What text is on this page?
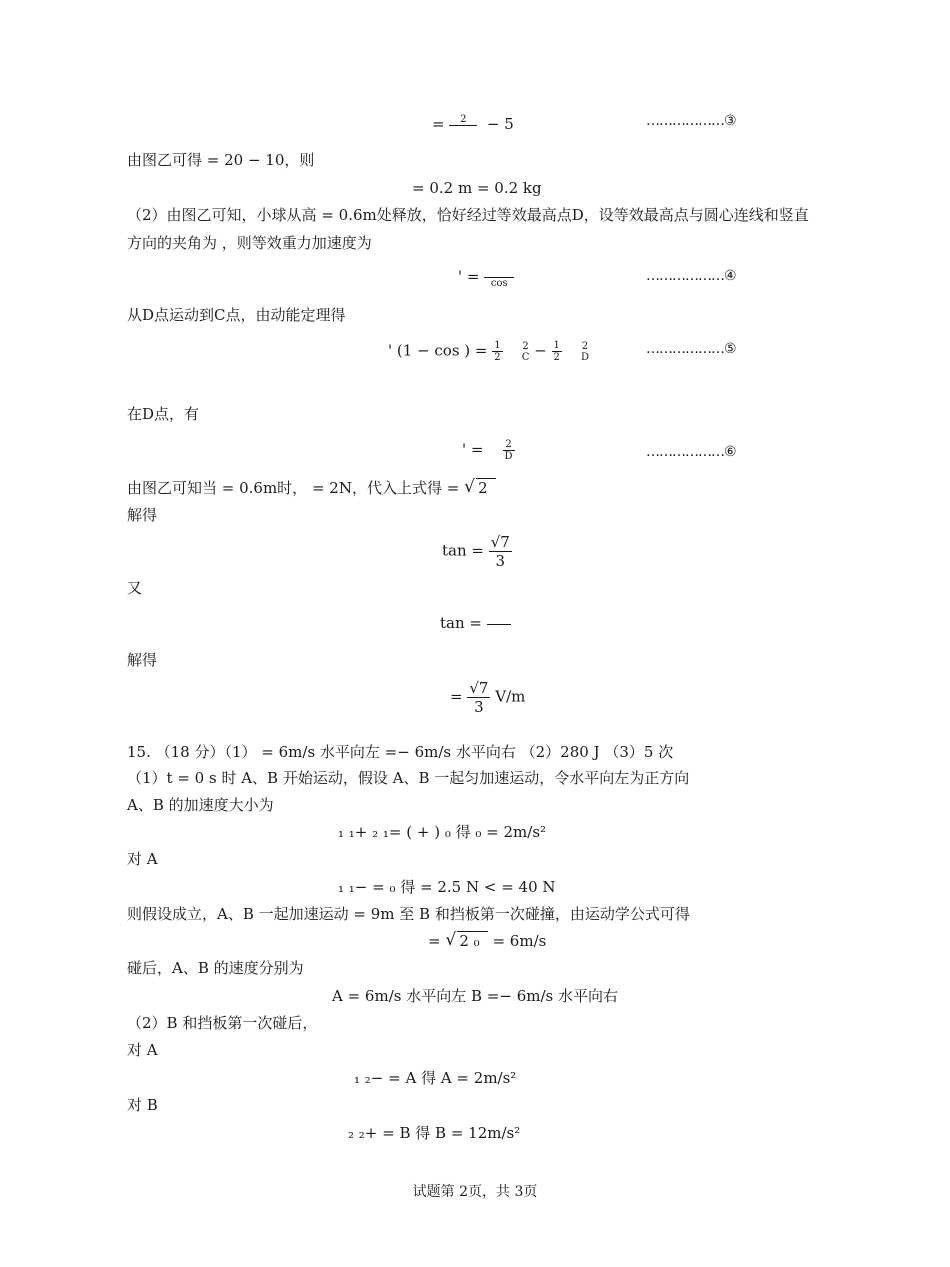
=	2	− 5	………………③
由图乙可得 = 20 − 10，则
= 0.2 m = 0.2 kg
（2）由图乙可知，小球从高 = 0.6m处释放，恰好经过等效最高点D，设等效最高点与圆心连线和竖直
方向的夹角为 ，则等效重力加速度为
' =
	cos	………………④
从D点运动到C点，由动能定理得
' (1 − cos ) = $\frac{1}{2} 2$
$C - \frac{1}{2} 2$
D	………………⑤
在D点，有
' = $\frac{2}{D}$	………………⑥
由图乙可知当 = 0.6m时， = 2N，代入上式得 = √ 2
解得
$\tan = \frac{√7}{3}$
又
tan =
解得
= $\frac{√7}{3} V/m$
15. （18 分）（1） = 6m/s 水平向左 =− 6m/s 水平向右 （2）280 J （3）5 次
（1）t = 0 s 时 A、B 开始运动，假设 A、B 一起匀加速运动，令水平向左为正方向
A、B 的加速度大小为
₁ ₁+ ₂ ₁= ( + ) ₀ 得 ₀ = 2m/s²
对 A
₁ ₁− = ₀ 得 = 2.5 N < = 40 N
则假设成立，A、B 一起加速运动 = 9m 至 B 和挡板第一次碰撞，由运动学公式可得
= √ 2 ₀ = 6m/s
碰后，A、B 的速度分别为
A = 6m/s 水平向左 B =− 6m/s 水平向右
（2）B 和挡板第一次碰后，
对 A
₁ ₂− = A 得 A = 2m/s²
对 B
₂ ₂+ = B 得 B = 12m/s²
试题第 2页，共 3页
